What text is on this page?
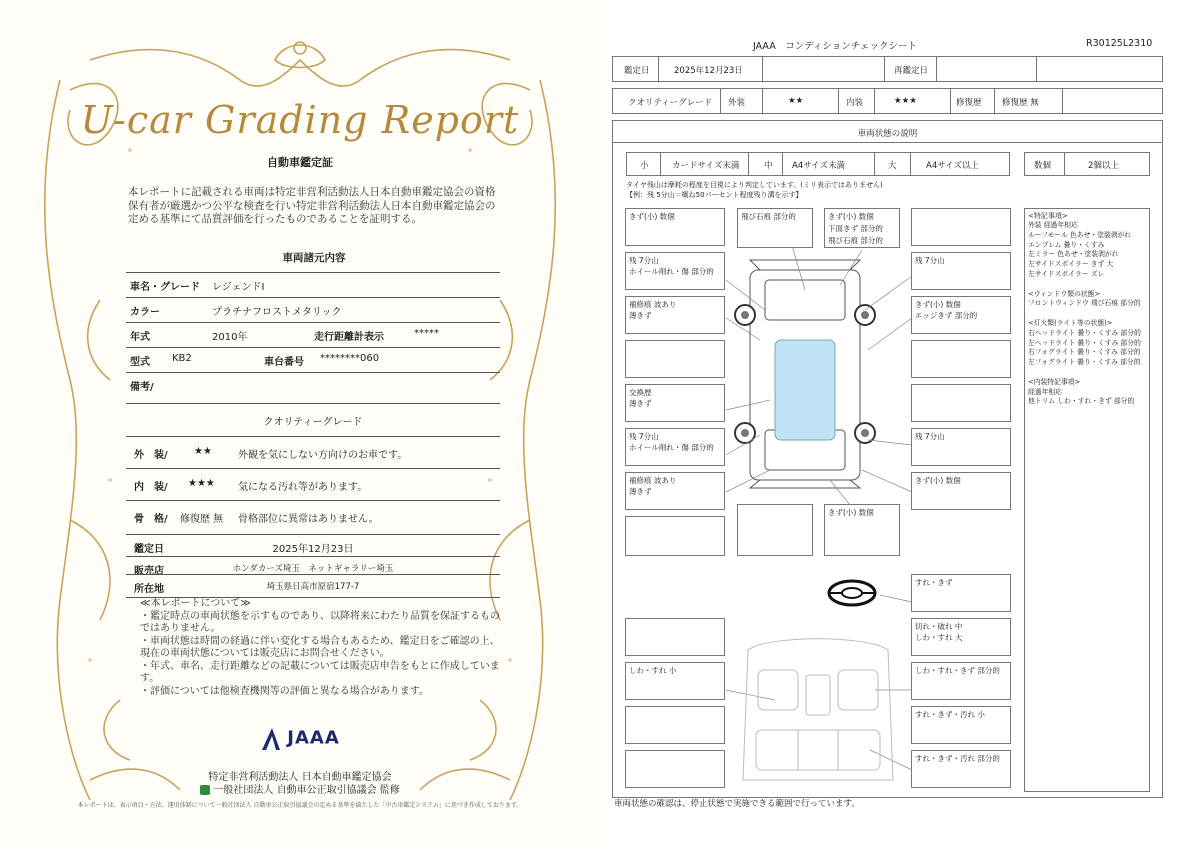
U-car Grading Report
自動車鑑定証
本レポートに記載される車両は特定非営利活動法人日本自動車鑑定協会の資格保有者が厳選かつ公平な検査を行い特定非営利活動法人日本自動車鑑定協会の定める基準にて品質評価を行ったものであることを証明する。
車両諸元内容
車名・グレード レジェンドⅠ
カラー	プラチナフロストメタリック
年式	2010年	走行距離計表示	*****
型式 KB2	車台番号 ********060
備考/
クオリティーグレード
外　装/	★★	外観を気にしない方向けのお車です。
内　装/ ★★★ 気になる汚れ等があります。
骨　格/ 修復歴 無 骨格部位に異常はありません。
鑑定日	2025年12月23日
販売店	ホンダカーズ埼玉　ネットギャラリー埼玉
所在地	埼玉県日高市原宿177-7
≪本レポートについて≫
・鑑定時点の車両状態を示すものであり、以降将来にわたり品質を保証するものではありません。
・車両状態は時間の経過に伴い変化する場合もあるため、鑑定日をご確認の上、現在の車両状態については販売店にお問合せください。
・年式、車名、走行距離などの記載については販売店申告をもとに作成しています。
・評価については他検査機関等の評価と異なる場合があります。
JAAA
特定非営利活動法人 日本自動車鑑定協会
一般社団法人 自動車公正取引協議会 監修
本レポートは、表示項目・方法、運用体制について一般社団法人 自動車公正取引協議会の定める基準を満たした「中古車鑑定システム」に基づき作成しております。
JAAA　コンディションチェックシート	R30125L2310
鑑定日	2025年12月23日	再鑑定日
クオリティーグレード 外装	★★	内装	★★★	修復歴 修復歴 無
車両状態の説明
小	カードサイズ未満	中 A4サイズ未満	大	A4サイズ以上	数個	2個以上
タイヤ残山は摩耗の程度を目視により判定しています。(ミリ表示ではありません)
【例：残 5分山＝概ね50パーセント程度残り溝を示す】
きず(小) 数個
残 7分山
ホイール削れ・傷 部分的
補修痕 波あり
薄きず
交換歴
薄きず
残 7分山
ホイール削れ・傷 部分的
補修痕 波あり
薄きず
飛び石痕 部分的	きず(小) 数個
下面きず 部分的
飛び石痕 部分的
残 7分山
きず(小) 数個
エッジきず 部分的
残 7分山
きず(小) 数個
きず(小) 数個
<特記事項>
外装 経過年相応
ルーフモール 色あせ・塗装剥がれ
エンブレム 曇り・くすみ
左ミラー 色あせ・塗装剥がれ
左サイドスポイラー きず 大
左サイドスポイラー ズレ

<ウィンドウ類の状態>
フロントウィンドウ 飛び石痕 部分的

<灯火類(ライト等の状態)>
右ヘッドライト 曇り・くすみ 部分的
左ヘッドライト 曇り・くすみ 部分的
右フォグライト 曇り・くすみ 部分的
左フォグライト 曇り・くすみ 部分的

<内装特記事項>
経過年相応
他トリム しわ・すれ・きず 部分的
しわ・すれ 小
すれ・きず
切れ・破れ 中
しわ・すれ 大
しわ・すれ・きず 部分的
すれ・きず・汚れ 小
すれ・きず・汚れ 部分的
車両状態の確認は、停止状態で実施できる範囲で行っています。
